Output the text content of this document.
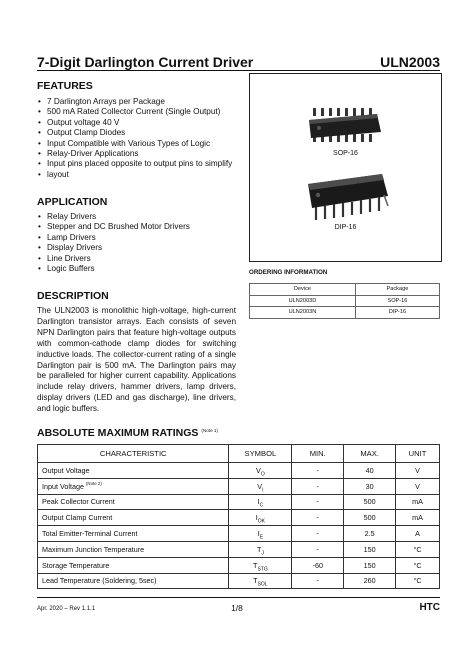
7-Digit Darlington Current Driver	ULN2003
FEATURES
• 7 Darlington Arrays per Package
• 500 mA Rated Collector Current (Single Output)
• Output voltage 40 V
• Output Clamp Diodes
• Input Compatible with Various Types of Logic
• Relay-Driver Applications
• Input pins placed opposite to output pins to simplify
• layout
APPLICATION
• Relay Drivers
• Stepper and DC Brushed Motor Drivers
• Lamp Drivers
• Display Drivers
• Line Drivers
• Logic Buffers
DESCRIPTION
The ULN2003 is monolithic high-voltage, high-current Darlington transistor arrays. Each consists of seven NPN Darlington pairs that feature high-voltage outputs with common-cathode clamp diodes for switching inductive loads. The collector-current rating of a single Darlington pair is 500 mA. The Darlington pairs may be paralleled for higher current capability. Applications include relay drivers, hammer drivers, lamp drivers, display drivers (LED and gas discharge), line drivers, and logic buffers.
SOP-16
DIP-16
ORDERING INFORMATION
Device	Package
ULN2003D	SOP-16
ULN2003N	DIP-16
ABSOLUTE MAXIMUM RATINGS $^{(Note 1)}$
CHARACTERISTIC	SYMBOL	MIN.	MAX.	UNIT
Output Voltage	$V_O$	-	40	V
Input Voltage $^{(Note 2)}$	$V_I$	-	30	V
Peak Collector Current	$I_C$	-	500	mA
Output Clamp Current	$I_{OK}$	-	500	mA
Total Emitter-Terminal Current	$I_E$	-	2.5	A
Maximum Junction Temperature	$T_J$	-	150	°C
Storage Temperature	$T_{STG}$	-60	150	°C
Lead Temperature (Soldering, 5sec)	$T_{SOL}$	-	260	°C
Apr. 2020 – Rev 1.1.1	1/8	HTC
